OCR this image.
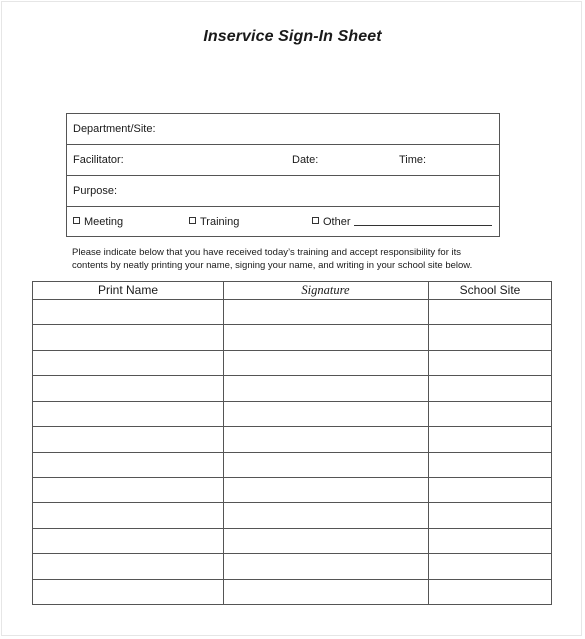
Inservice Sign-In Sheet
Department/Site:
Facilitator:	Date:	Time:
Purpose:
Meeting	Training	Other
Please indicate below that you have received today’s training and accept responsibility for its
contents by neatly printing your name, signing your name, and writing in your school site below.
Print Name	Signature	School Site
